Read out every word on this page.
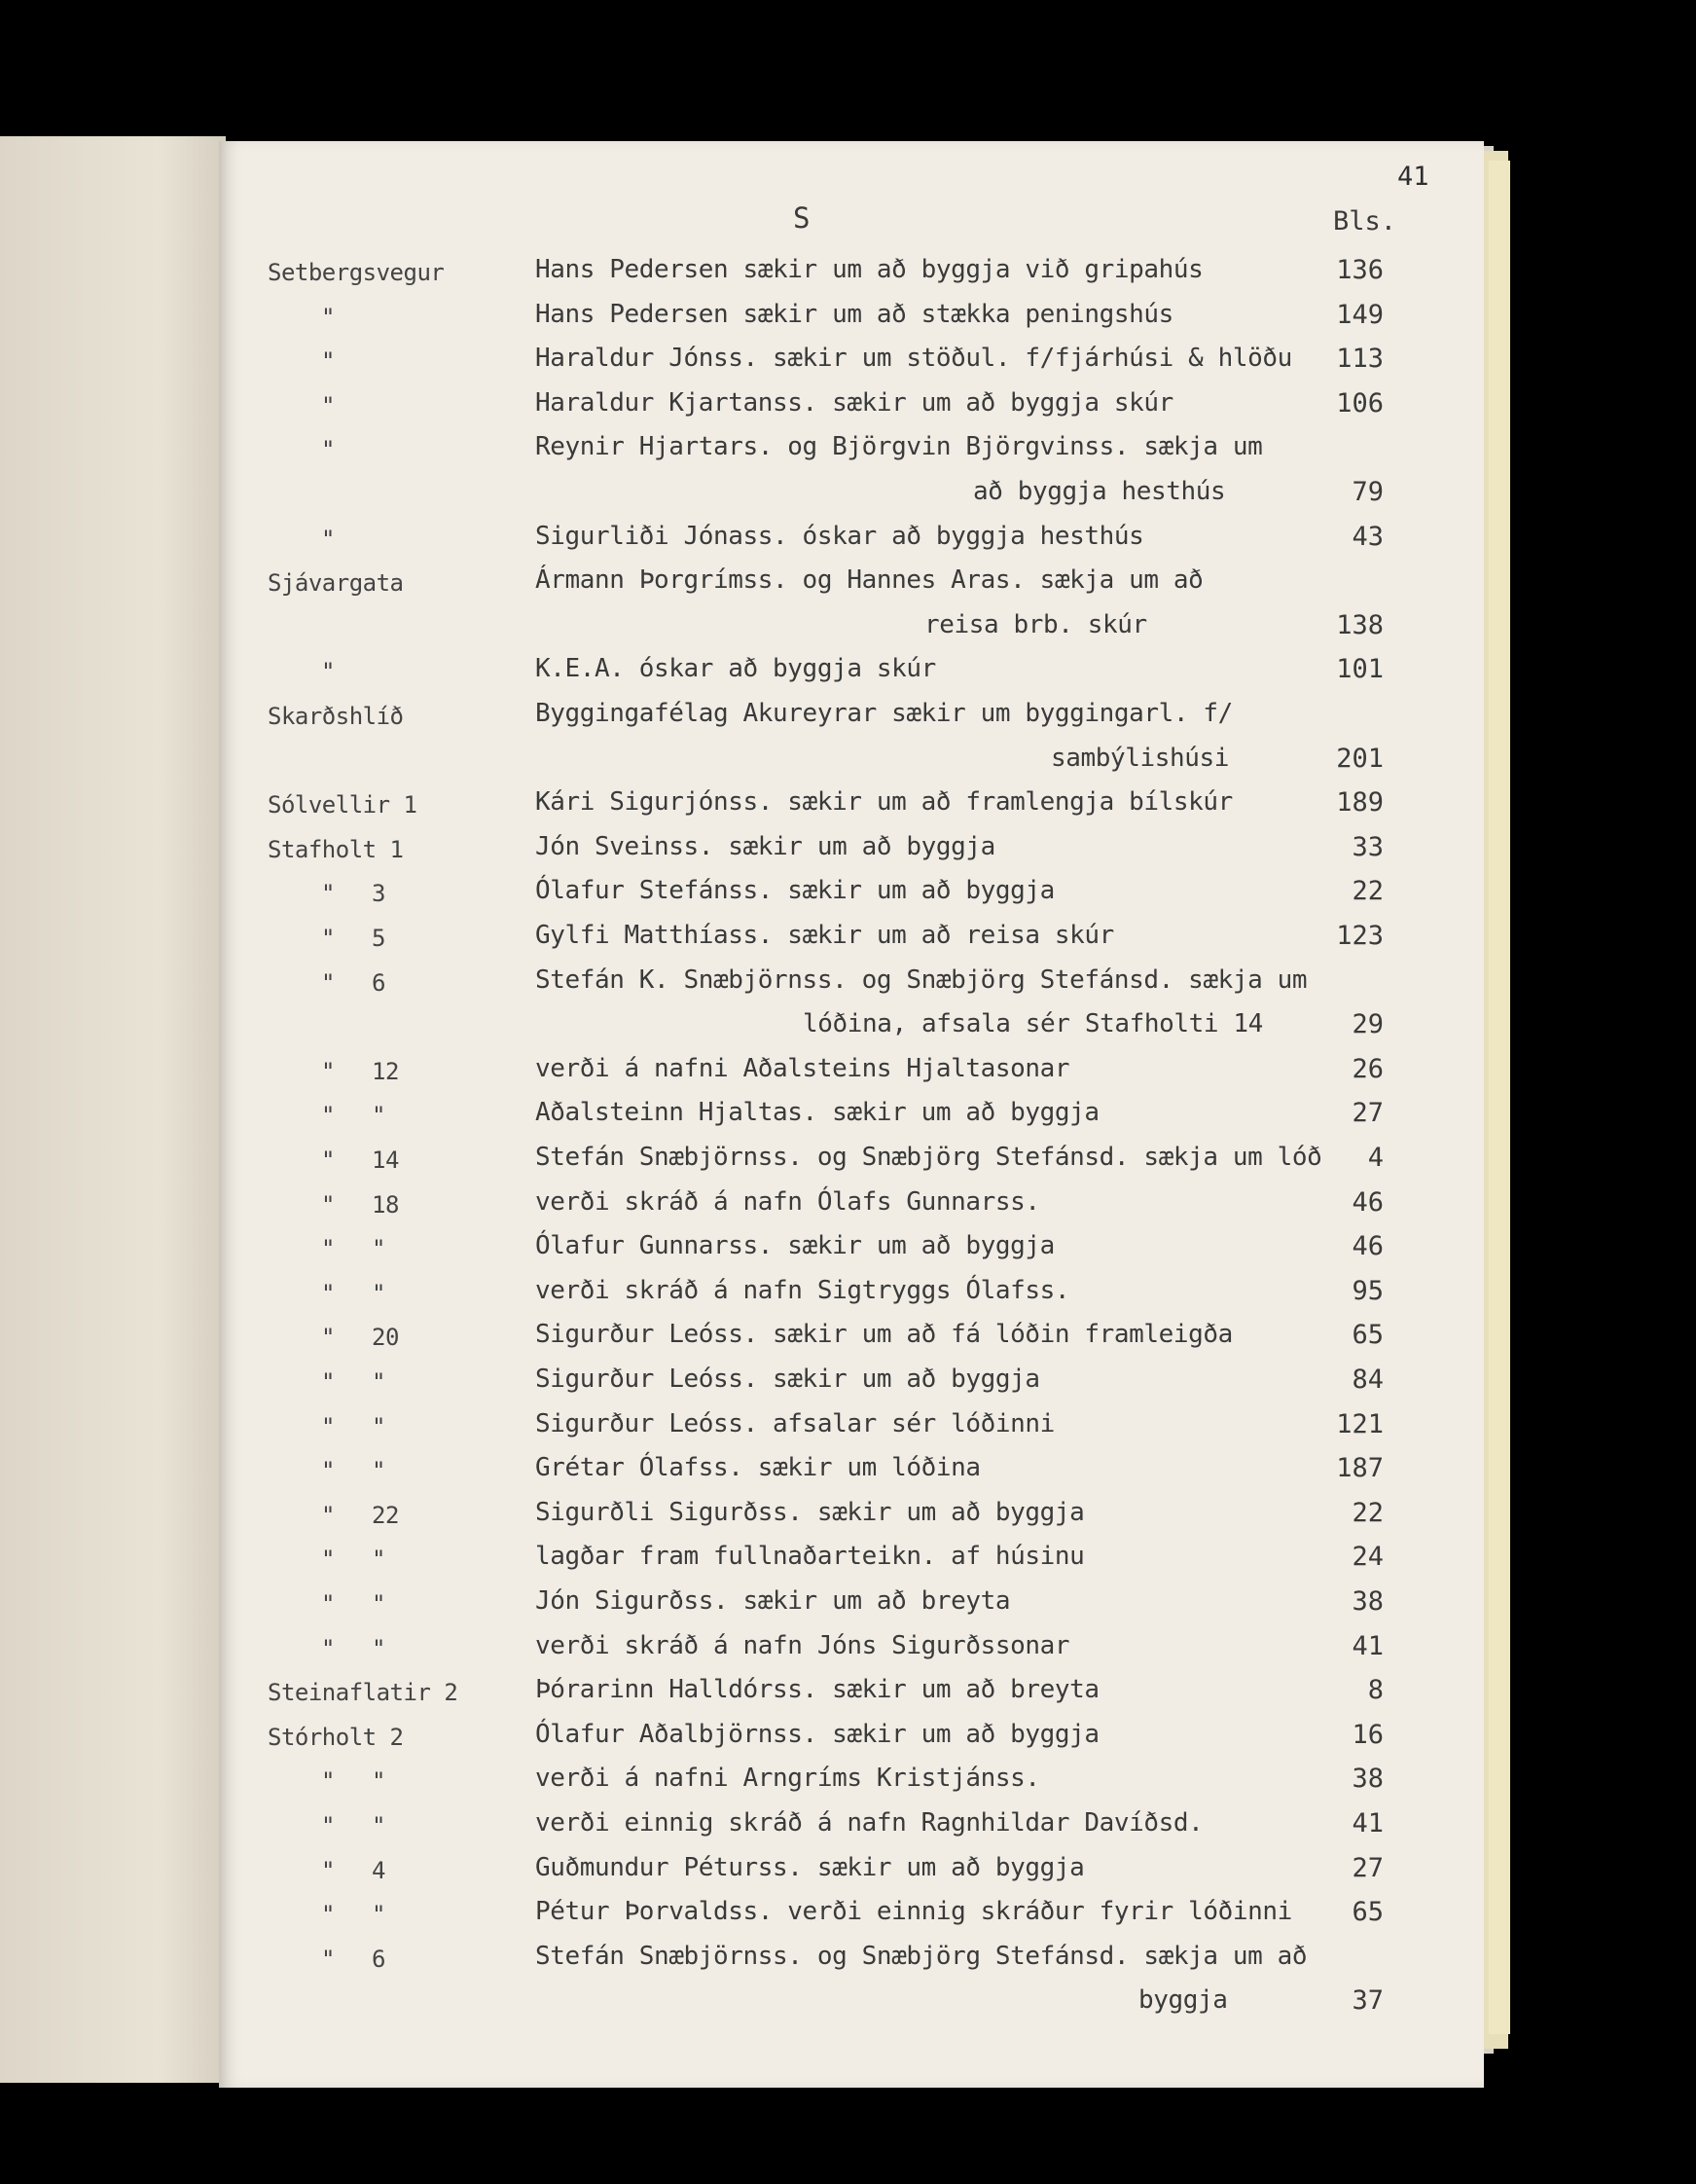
41
S	Bls.
Setbergsvegur	Hans Pedersen sækir um að byggja við gripahús	136
"	Hans Pedersen sækir um að stækka peningshús	149
"	Haraldur Jónss. sækir um stöðul. f/fjárhúsi & hlöðu	113
"	Haraldur Kjartanss. sækir um að byggja skúr	106
"	Reynir Hjartars. og Björgvin Björgvinss. sækja um
að byggja hesthús	79
"	Sigurliði Jónass. óskar að byggja hesthús	43
Sjávargata	Ármann Þorgrímss. og Hannes Aras. sækja um að
reisa brb. skúr	138
"	K.E.A. óskar að byggja skúr	101
Skarðshlíð	Byggingafélag Akureyrar sækir um byggingarl. f/
sambýlishúsi	201
Sólvellir 1	Kári Sigurjónss. sækir um að framlengja bílskúr	189
Stafholt 1	Jón Sveinss. sækir um að byggja	33
" 3	Ólafur Stefánss. sækir um að byggja	22
" 5	Gylfi Matthíass. sækir um að reisa skúr	123
" 6	Stefán K. Snæbjörnss. og Snæbjörg Stefánsd. sækja um
lóðina, afsala sér Stafholti 14	29
" 12	verði á nafni Aðalsteins Hjaltasonar	26
" "	Aðalsteinn Hjaltas. sækir um að byggja	27
" 14	Stefán Snæbjörnss. og Snæbjörg Stefánsd. sækja um lóð	4
" 18	verði skráð á nafn Ólafs Gunnarss.	46
" "	Ólafur Gunnarss. sækir um að byggja	46
" "	verði skráð á nafn Sigtryggs Ólafss.	95
" 20	Sigurður Leóss. sækir um að fá lóðin framleigða	65
" "	Sigurður Leóss. sækir um að byggja	84
" "	Sigurður Leóss. afsalar sér lóðinni	121
" "	Grétar Ólafss. sækir um lóðina	187
" 22	Sigurðli Sigurðss. sækir um að byggja	22
" "	lagðar fram fullnaðarteikn. af húsinu	24
" "	Jón Sigurðss. sækir um að breyta	38
" "	verði skráð á nafn Jóns Sigurðssonar	41
Steinaflatir 2	Þórarinn Halldórss. sækir um að breyta	8
Stórholt 2	Ólafur Aðalbjörnss. sækir um að byggja	16
" "	verði á nafni Arngríms Kristjánss.	38
" "	verði einnig skráð á nafn Ragnhildar Davíðsd.	41
" 4	Guðmundur Péturss. sækir um að byggja	27
" "	Pétur Þorvaldss. verði einnig skráður fyrir lóðinni	65
" 6	Stefán Snæbjörnss. og Snæbjörg Stefánsd. sækja um að
byggja	37
